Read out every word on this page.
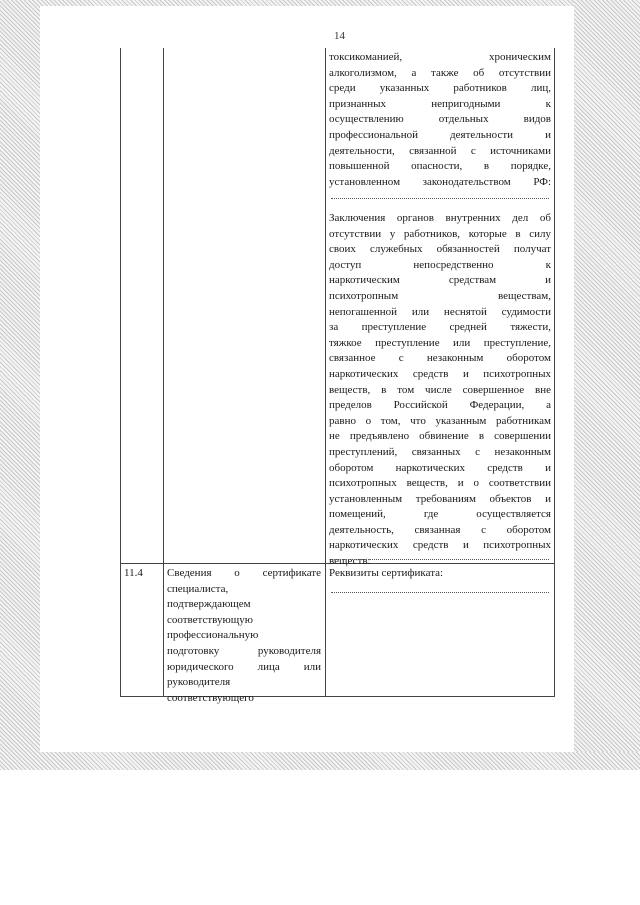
14
токсикоманией, хроническим
алкоголизмом, а также об отсутствии
среди указанных работников лиц,
признанных непригодными к
осуществлению отдельных видов
профессиональной деятельности и
деятельности, связанной с источниками
повышенной опасности, в порядке,
установленном законодательством РФ:
Заключения органов внутренних дел об
отсутствии у работников, которые в силу
своих служебных обязанностей получат
доступ непосредственно к
наркотическим средствам и
психотропным веществам,
непогашенной или неснятой судимости
за преступление средней тяжести,
тяжкое преступление или преступление,
связанное с незаконным оборотом
наркотических средств и психотропных
веществ, в том числе совершенное вне
пределов Российской Федерации, а
равно о том, что указанным работникам
не предъявлено обвинение в совершении
преступлений, связанных с незаконным
оборотом наркотических средств и
психотропных веществ, и о соответствии
установленным требованиям объектов и
помещений, где осуществляется
деятельность, связанная с оборотом
наркотических средств и психотропных
веществ:
11.4	Сведения о сертификате
специалиста,
подтверждающем
соответствующую
профессиональную
подготовку руководителя
юридического лица или
руководителя
соответствующего
Реквизиты сертификата:
